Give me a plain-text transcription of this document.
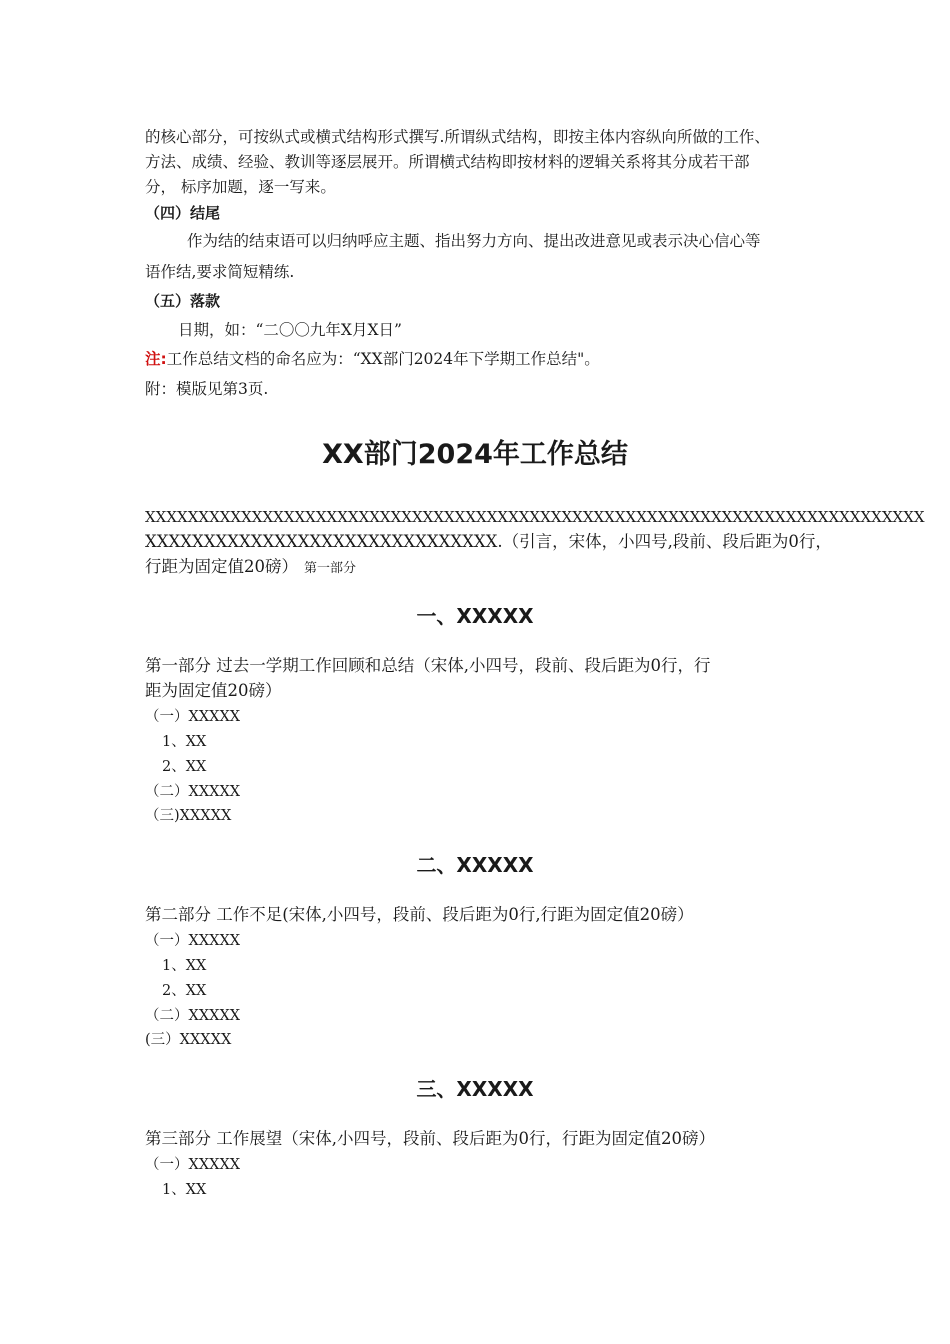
的核心部分，可按纵式或横式结构形式撰写.所谓纵式结构，即按主体内容纵向所做的工作、
方法、成绩、经验、教训等逐层展开。所谓横式结构即按材料的逻辑关系将其分成若干部
分， 标序加题，逐一写来。
（四）结尾
作为结的结束语可以归纳呼应主题、指出努力方向、提出改进意见或表示决心信心等
语作结,要求简短精练.
（五）落款
日期，如：“二〇〇九年X月X日”
注:工作总结文档的命名应为：“XX部门2024年下学期工作总结"。
附：模版见第3页.
XX部门2024年工作总结
XXXXXXXXXXXXXXXXXXXXXXXXXXXXXXXXXXXXXXXXXXXXXXXXXXXXXXXXXXXXXXXXXXXXXXXXX
XXXXXXXXXXXXXXXXXXXXXXXXXXXXXX.（引言，宋体，小四号,段前、段后距为0行，
行距为固定值20磅） 第一部分
一、XXXXX
第一部分 过去一学期工作回顾和总结（宋体,小四号，段前、段后距为0行，行
距为固定值20磅）
（一）XXXXX
1、XX
2、XX
（二）XXXXX
（三)XXXXX
二、XXXXX
第二部分 工作不足(宋体,小四号，段前、段后距为0行,行距为固定值20磅）
（一）XXXXX
1、XX
2、XX
（二）XXXXX
(三）XXXXX
三、XXXXX
第三部分 工作展望（宋体,小四号，段前、段后距为0行，行距为固定值20磅）
（一）XXXXX
1、XX
